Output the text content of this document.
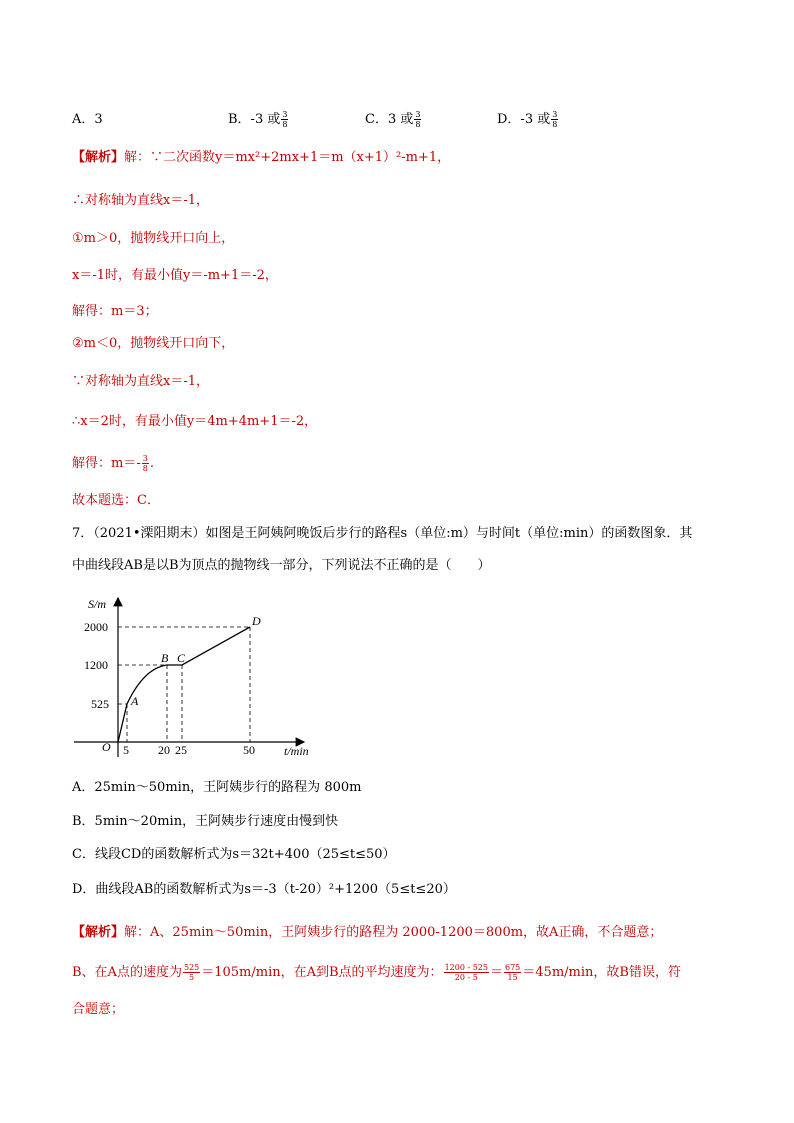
A．3	B．-3 或 $\frac{3}{8}$	C．3 或 $\frac{3}{8}$	D．-3 或 $\frac{3}{8}$
【解析】解：∵二次函数y＝mx²+2mx+1＝m（x+1）²-m+1，
∴对称轴为直线x＝-1，
①m＞0，抛物线开口向上，
x＝-1时，有最小值y＝-m+1＝-2，
解得：m＝3；
②m＜0，抛物线开口向下，
∵对称轴为直线x＝-1，
∴x＝2时，有最小值y＝4m+4m+1＝-2，
解得：$m=- \frac{3}{8}$ .
故本题选：C．
7．（2021•溧阳期末）如图是王阿姨阿晚饭后步行的路程s（单位:m）与时间t（单位:min）的函数图象．其
中曲线段AB是以B为顶点的抛物线一部分，下列说法不正确的是（　　）
S/m
t/min
O
2000
1200
525
5 20 25	50
A
B C
D
A．25min～50min，王阿姨步行的路程为 800m
B．5min～20min，王阿姨步行速度由慢到快
C．线段CD的函数解析式为s＝32t+400（25≤t≤50）
D．曲线段AB的函数解析式为s＝-3（t-20）²+1200（5≤t≤20）
【解析】解：A、25min～50min，王阿姨步行的路程为 2000-1200＝800m，故A正确，不合题意；
B、在A点的速度为 $\frac{525}{5} =105m/\min$，在A到B点的平均速度为： $\frac{1200 - 525}{20 - 5} = \frac{675}{15} =45m/\min$，故B错误，符
合题意；
